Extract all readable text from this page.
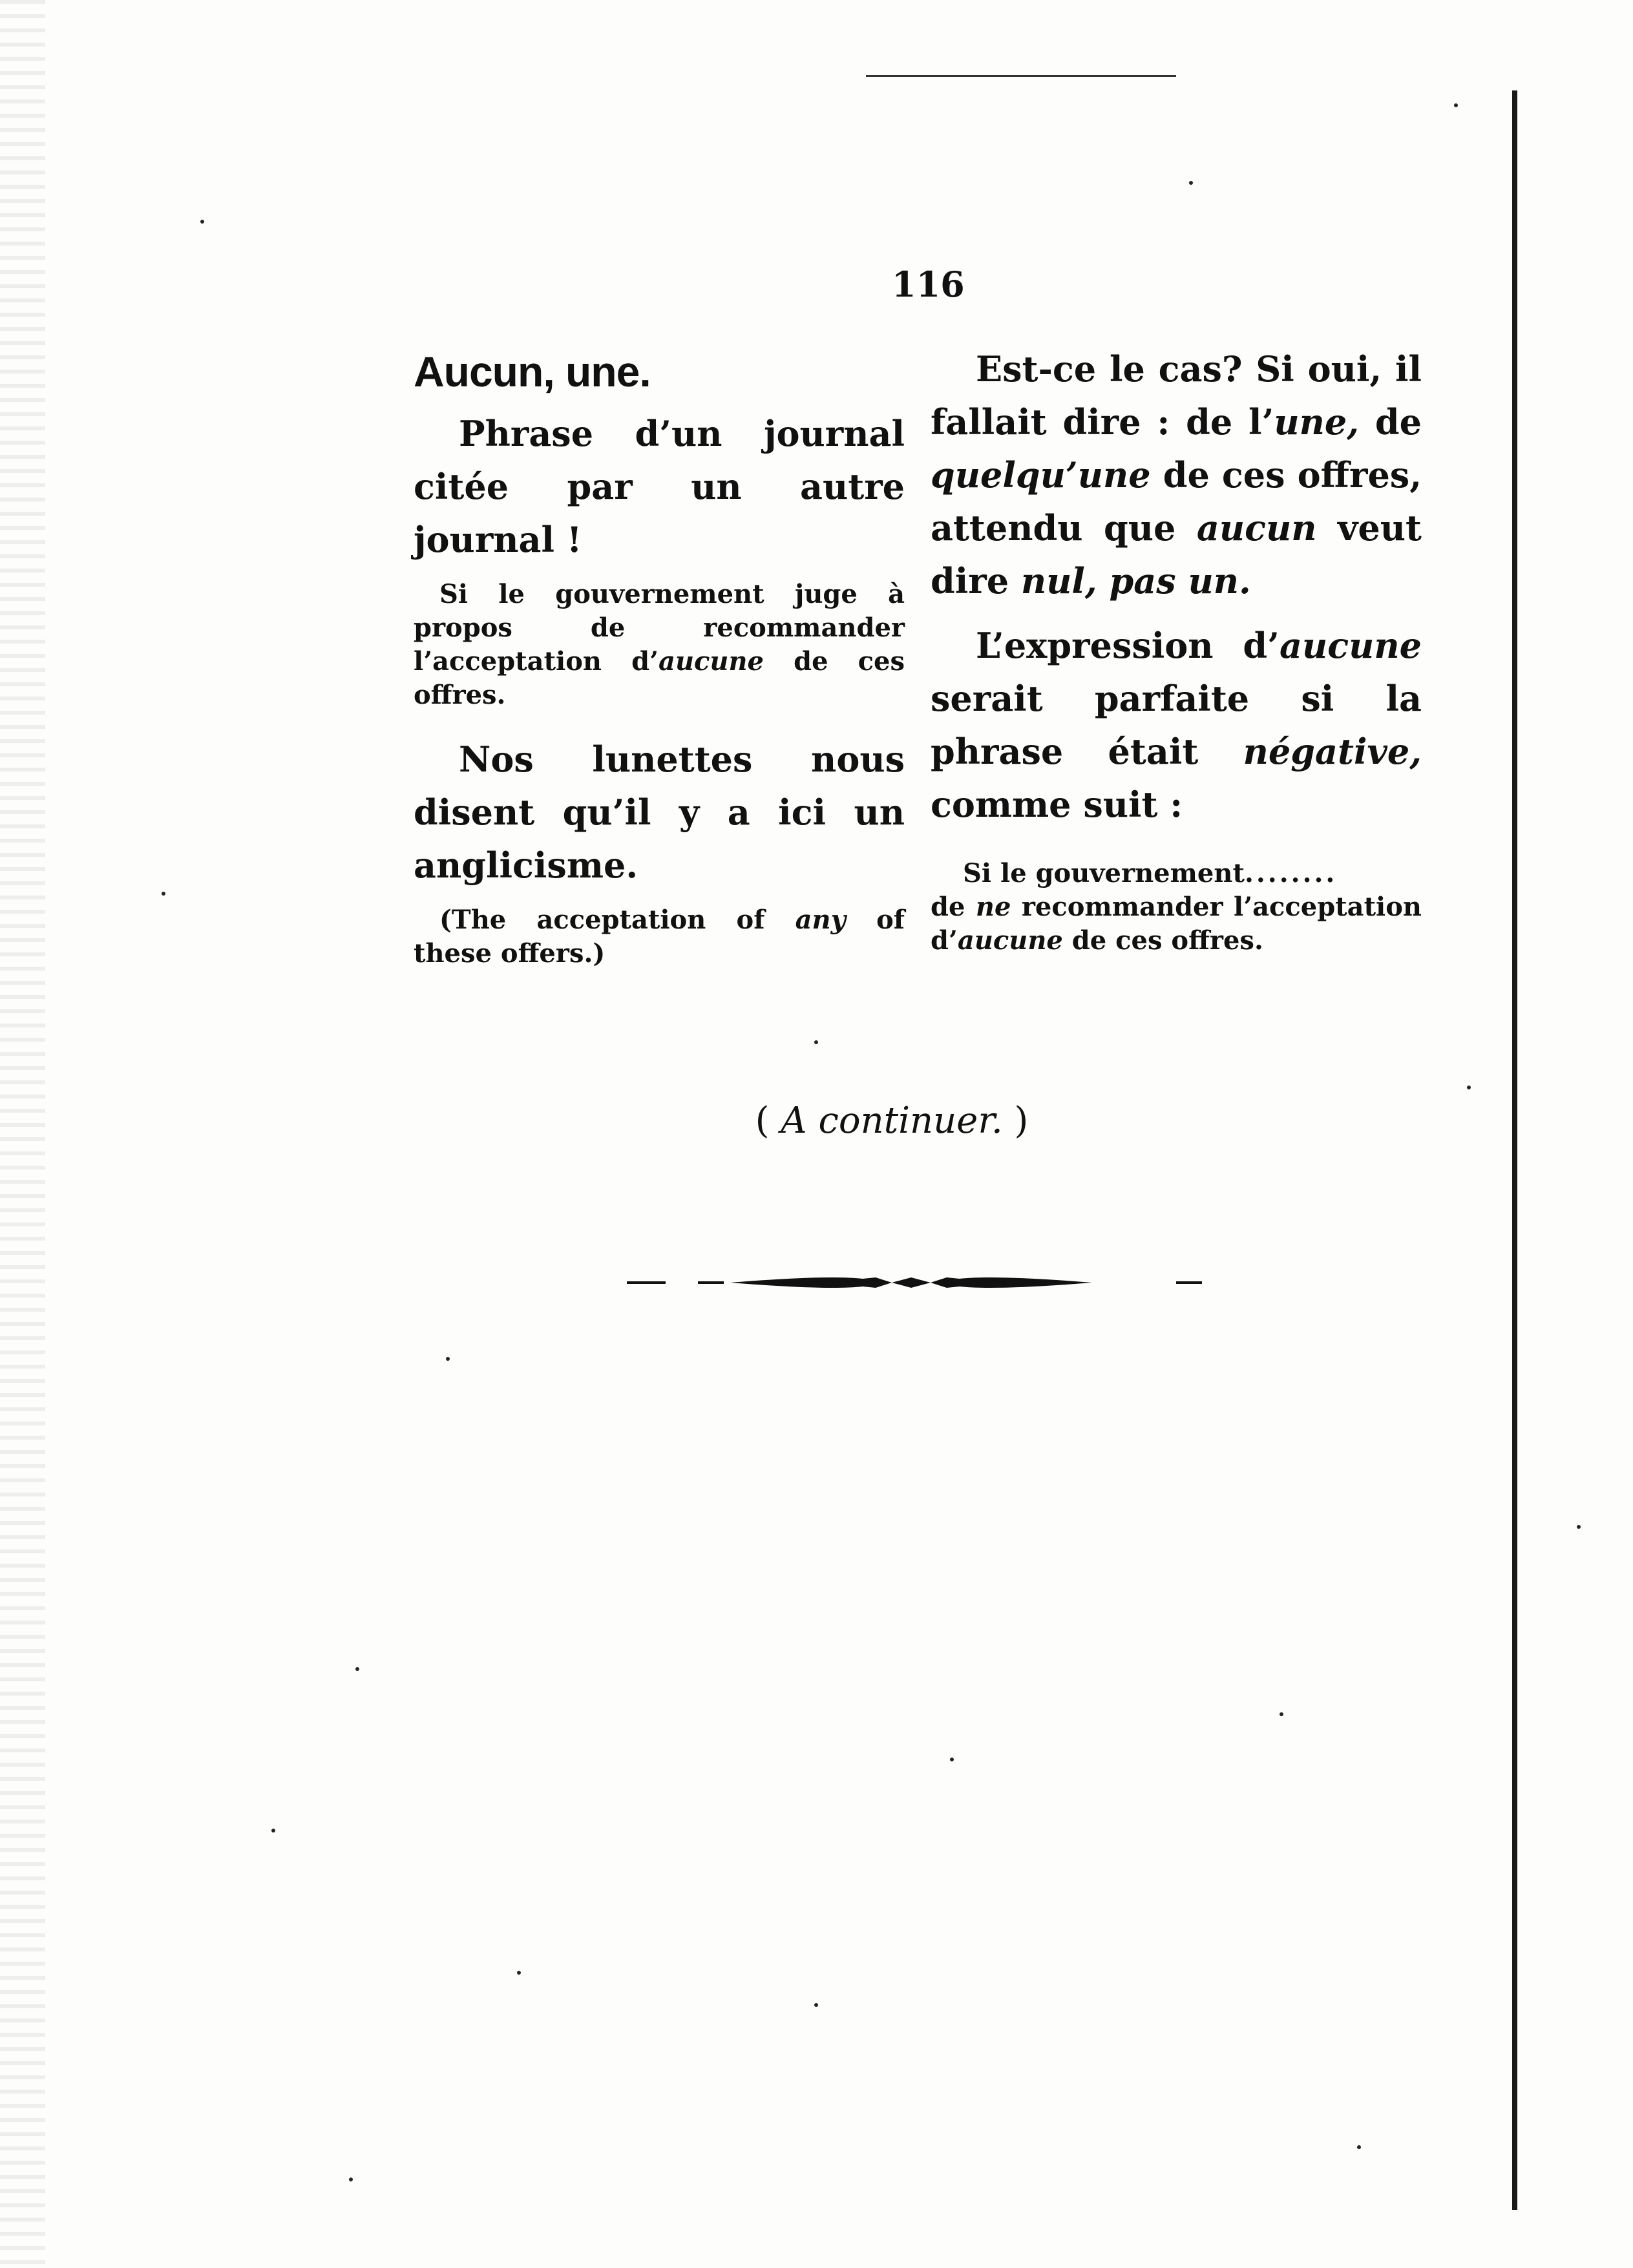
116
Aucun, une.

Phrase d’un journal citée par un autre journal !

Si le gouvernement juge à propos de recommander l’acceptation d’aucune de ces offres.

Nos lunettes nous disent qu’il y a ici un anglicisme.

(The acceptation of any of these offers.)

Est-ce le cas? Si oui, il fallait dire : de l’une, de quelqu’une de ces offres, attendu que aucun veut dire nul, pas un.

L’expression d’aucune serait parfaite si la phrase était négative, comme suit :

Si le gouvernement........
de ne recommander l’acceptation d’aucune de ces offres.

( A continuer. )
